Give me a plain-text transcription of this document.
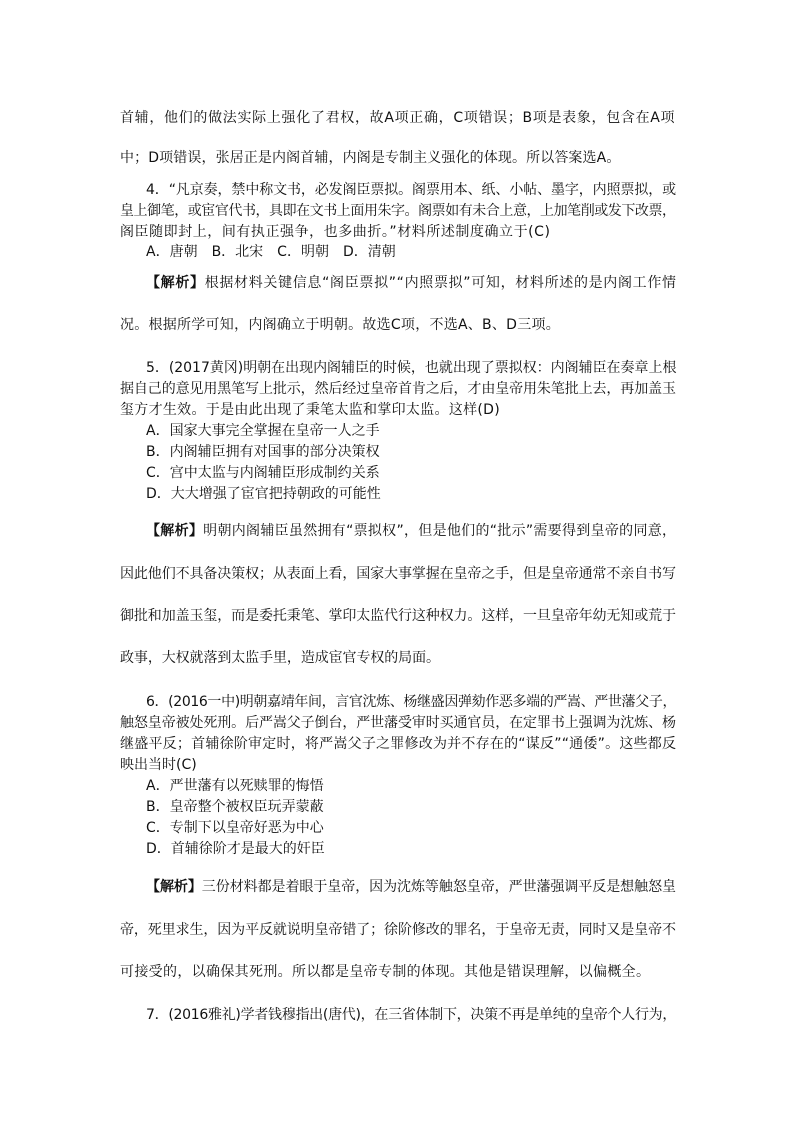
首辅，他们的做法实际上强化了君权，故A项正确，C项错误；B项是表象，包含在A项
中；D项错误，张居正是内阁首辅，内阁是专制主义强化的体现。所以答案选A。
4．“凡京奏，禁中称文书，必发阁臣票拟。阁票用本、纸、小帖、墨字，内照票拟，或
皇上御笔，或宦官代书，具即在文书上面用朱字。阁票如有未合上意，上加笔削或发下改票，
阁臣随即封上，间有执正强争，也多曲折。”材料所述制度确立于(C)
A．唐朝　B．北宋　C．明朝　D．清朝
【解析】根据材料关键信息“阁臣票拟”“内照票拟”可知，材料所述的是内阁工作情
况。根据所学可知，内阁确立于明朝。故选C项，不选A、B、D三项。
5．(2017黄冈)明朝在出现内阁辅臣的时候，也就出现了票拟权：内阁辅臣在奏章上根
据自己的意见用黑笔写上批示，然后经过皇帝首肯之后，才由皇帝用朱笔批上去，再加盖玉
玺方才生效。于是由此出现了秉笔太监和掌印太监。这样(D)
A．国家大事完全掌握在皇帝一人之手
B．内阁辅臣拥有对国事的部分决策权
C．宫中太监与内阁辅臣形成制约关系
D．大大增强了宦官把持朝政的可能性
【解析】明朝内阁辅臣虽然拥有“票拟权”，但是他们的“批示”需要得到皇帝的同意，
因此他们不具备决策权；从表面上看，国家大事掌握在皇帝之手，但是皇帝通常不亲自书写
御批和加盖玉玺，而是委托秉笔、掌印太监代行这种权力。这样，一旦皇帝年幼无知或荒于
政事，大权就落到太监手里，造成宦官专权的局面。
6．(2016一中)明朝嘉靖年间，言官沈炼、杨继盛因弹劾作恶多端的严嵩、严世藩父子，
触怒皇帝被处死刑。后严嵩父子倒台，严世藩受审时买通官员，在定罪书上强调为沈炼、杨
继盛平反；首辅徐阶审定时，将严嵩父子之罪修改为并不存在的“谋反”“通倭”。这些都反
映出当时(C)
A．严世藩有以死赎罪的悔悟
B．皇帝整个被权臣玩弄蒙蔽
C．专制下以皇帝好恶为中心
D．首辅徐阶才是最大的奸臣
【解析】三份材料都是着眼于皇帝，因为沈炼等触怒皇帝，严世藩强调平反是想触怒皇
帝，死里求生，因为平反就说明皇帝错了；徐阶修改的罪名，于皇帝无责，同时又是皇帝不
可接受的，以确保其死刑。所以都是皇帝专制的体现。其他是错误理解，以偏概全。
7．(2016雅礼)学者钱穆指出(唐代)，在三省体制下，决策不再是单纯的皇帝个人行为，
